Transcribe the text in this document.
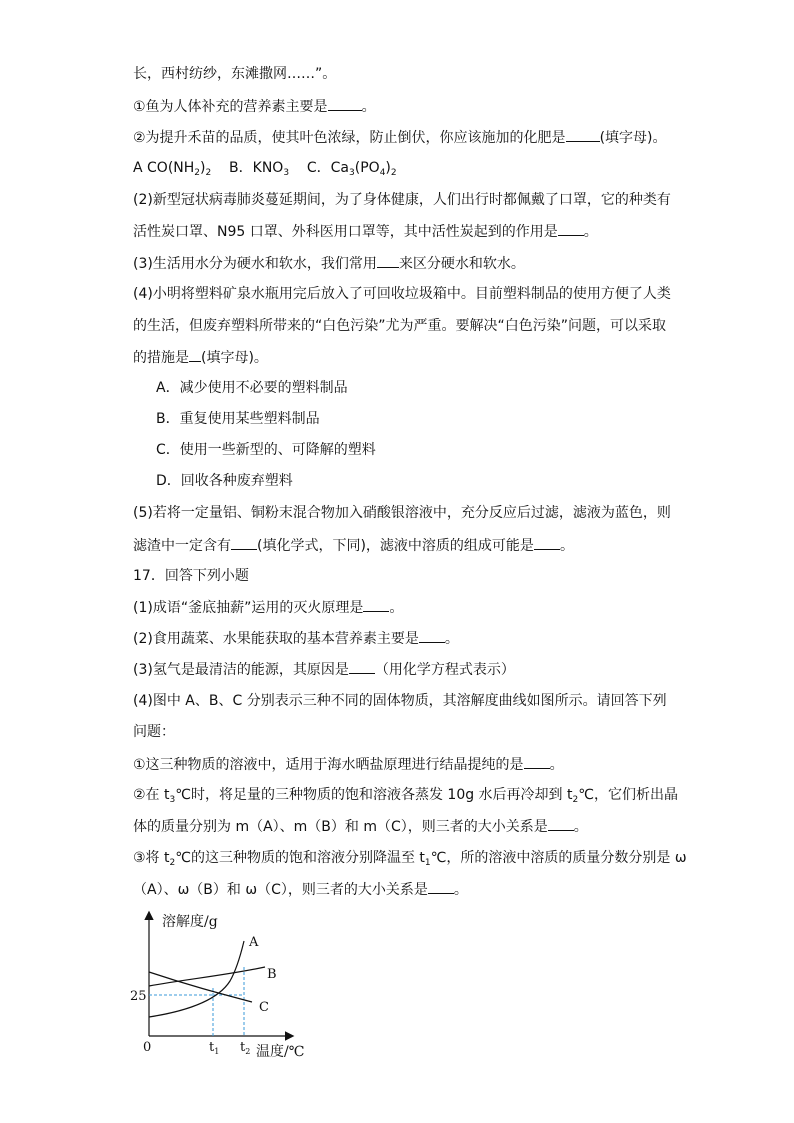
长，西村纺纱，东滩撒网……”。
①鱼为人体补充的营养素主要是 。
②为提升禾苗的品质，使其叶色浓绿，防止倒伏，你应该施加的化肥是 (填字母)。
A $CO(NH_2)_2$ B．$KNO_3$ C．$Ca_3(PO_4)_2$
(2)新型冠状病毒肺炎蔓延期间，为了身体健康，人们出行时都佩戴了口罩，它的种类有
活性炭口罩、N95 口罩、外科医用口罩等，其中活性炭起到的作用是 。
(3)生活用水分为硬水和软水，我们常用 来区分硬水和软水。
(4)小明将塑料矿泉水瓶用完后放入了可回收垃圾箱中。目前塑料制品的使用方便了人类
的生活，但废弃塑料所带来的“白色污染”尤为严重。要解决“白色污染”问题，可以采取
的措施是 (填字母)。
A．减少使用不必要的塑料制品
B．重复使用某些塑料制品
C．使用一些新型的、可降解的塑料
D．回收各种废弃塑料
(5)若将一定量铝、铜粉末混合物加入硝酸银溶液中，充分反应后过滤，滤液为蓝色，则
滤渣中一定含有 (填化学式，下同)，滤液中溶质的组成可能是 。
17．回答下列小题
(1)成语“釜底抽薪”运用的灭火原理是 。
(2)食用蔬菜、水果能获取的基本营养素主要是 。
(3)氢气是最清洁的能源，其原因是 （用化学方程式表示）
(4)图中 A、B、C 分别表示三种不同的固体物质，其溶解度曲线如图所示。请回答下列
问题：
①这三种物质的溶液中，适用于海水晒盐原理进行结晶提纯的是 。
②在 $t_3℃$时，将足量的三种物质的饱和溶液各蒸发 10g 水后再冷却到 $t_2℃$，它们析出晶
体的质量分别为 m（A）、m（B）和 m（C），则三者的大小关系是 。
③将 $t_2℃$的这三种物质的饱和溶液分别降温至 $t_1℃$，所的溶液中溶质的质量分数分别是 ω
（A）、ω（B）和 ω（C），则三者的大小关系是 。
溶解度/g
温度/℃
0
25
$t_1$ $t_2$
A
B
C
